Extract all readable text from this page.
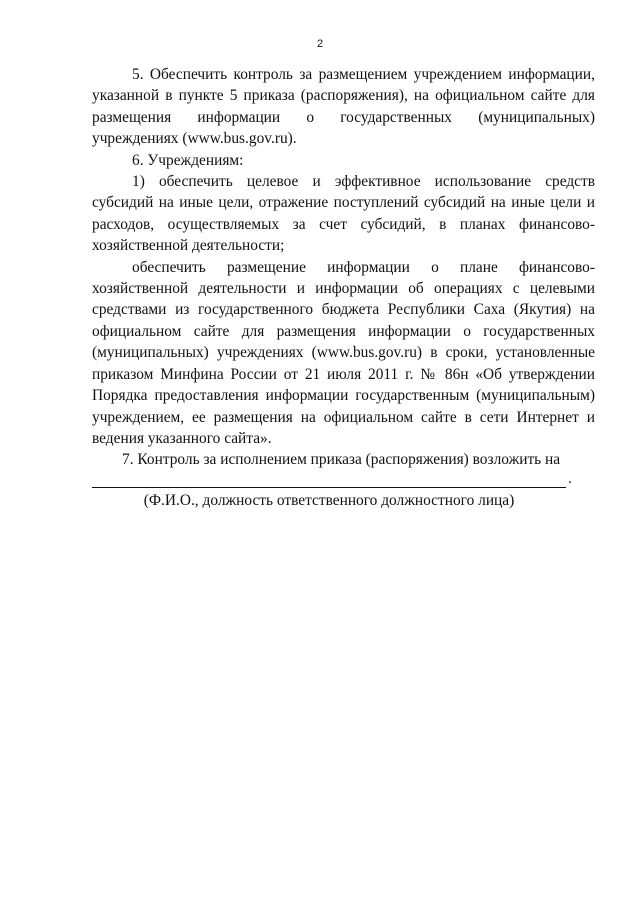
2

5. Обеспечить контроль за размещением учреждением информации, указанной в пункте 5 приказа (распоряжения), на официальном сайте для размещения информации о государственных (муниципальных) учреждениях (www.bus.gov.ru).

6. Учреждениям:

1) обеспечить целевое и эффективное использование средств субсидий на иные цели, отражение поступлений субсидий на иные цели и расходов, осуществляемых за счет субсидий, в планах финансово-хозяйственной деятельности;

обеспечить размещение информации о плане финансово-хозяйственной деятельности и информации об операциях с целевыми средствами из государственного бюджета Республики Саха (Якутия) на официальном сайте для размещения информации о государственных (муниципальных) учреждениях (www.bus.gov.ru) в сроки, установленные приказом Минфина России от 21 июля 2011 г. № 86н «Об утверждении Порядка предоставления информации государственным (муниципальным) учреждением, ее размещения на официальном сайте в сети Интернет и ведения указанного сайта».

7. Контроль за исполнением приказа (распоряжения) возложить на

.

(Ф.И.О., должность ответственного должностного лица)
